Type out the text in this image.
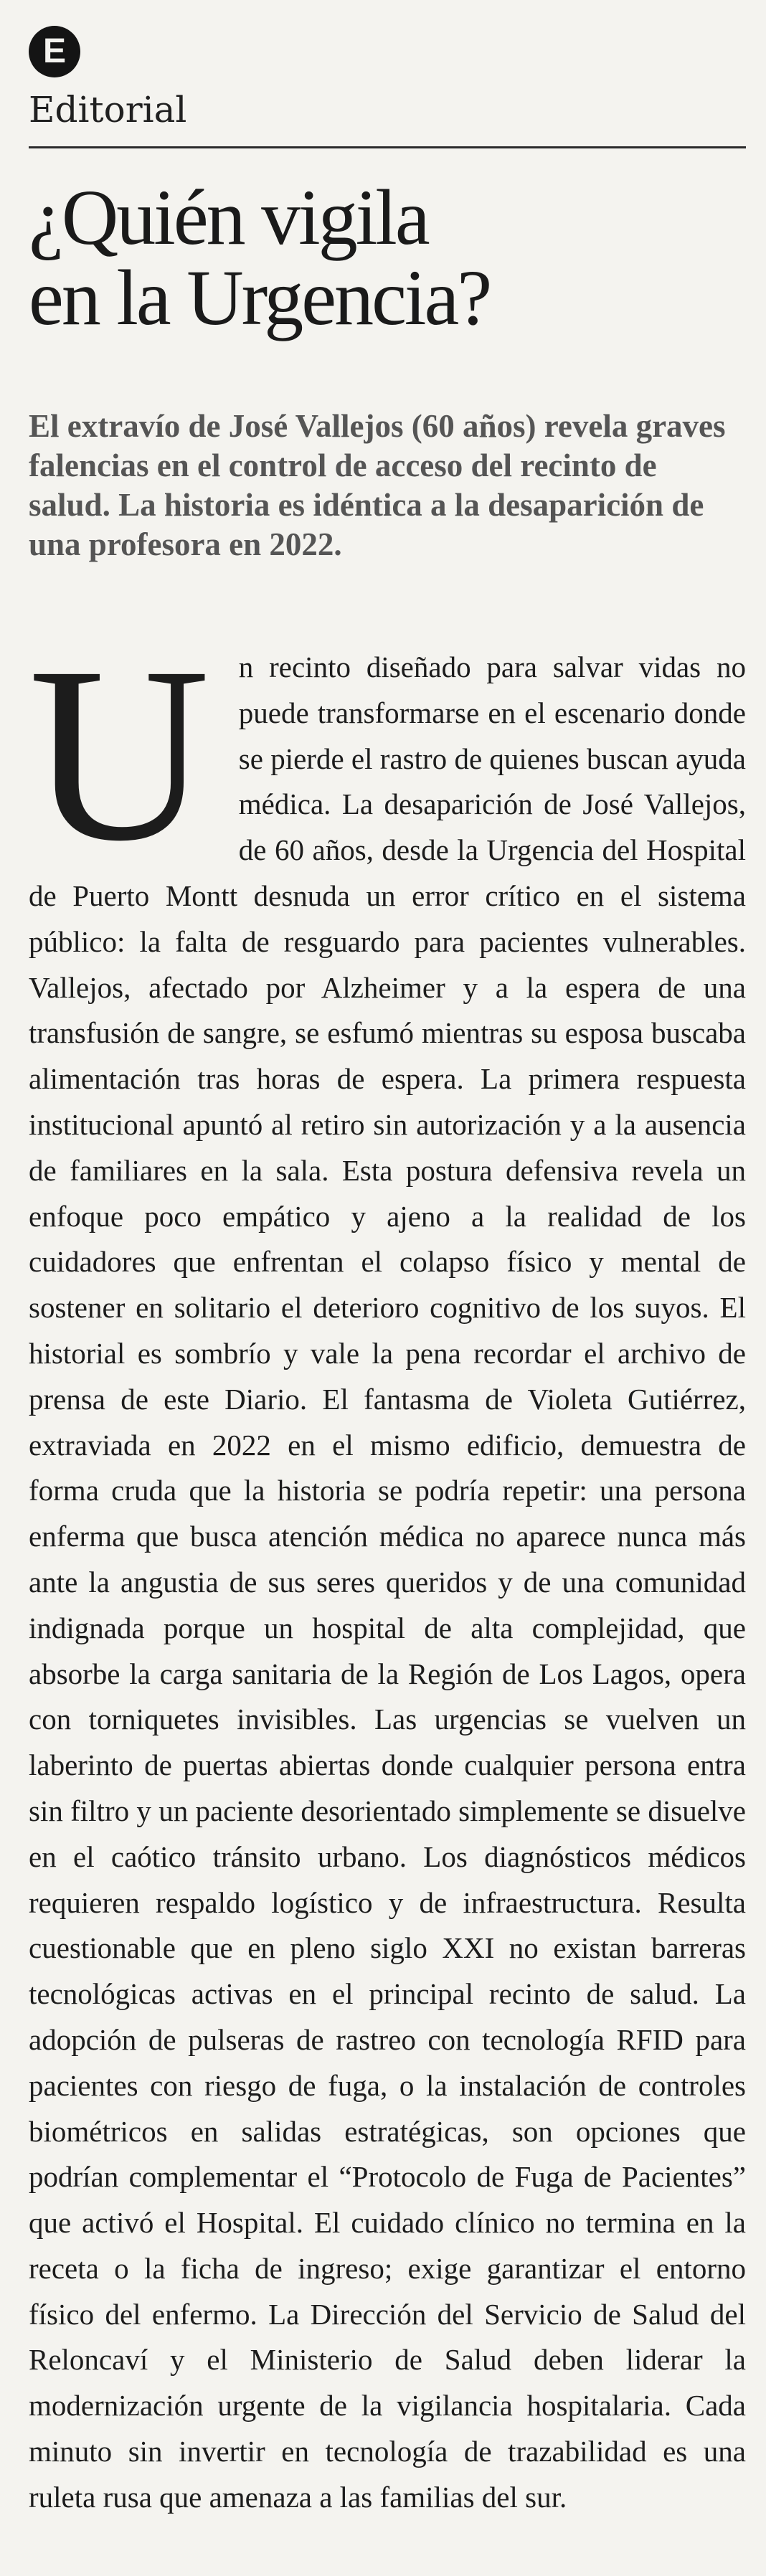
E
Editorial
¿Quién vigila
en la Urgencia?
El extravío de José Vallejos (60 años) revela graves falencias en el control de acceso del recinto de salud. La historia es idéntica a la desaparición de una profesora en 2022.
U n recinto diseñado para salvar vidas no puede transformarse en el escenario donde se pierde el rastro de quienes buscan ayuda médica. La desaparición de José Vallejos, de 60 años, desde la Urgencia del Hospital de Puerto Montt desnuda un error crítico en el sistema público: la falta de resguardo para pacientes vulnerables. Vallejos, afectado por Alzheimer y a la espera de una transfusión de sangre, se esfumó mientras su esposa buscaba alimentación tras horas de espera. La primera respuesta institucional apuntó al retiro sin autorización y a la ausencia de familiares en la sala. Esta postura defensiva revela un enfoque poco empático y ajeno a la realidad de los cuidadores que enfrentan el colapso físico y mental de sostener en solitario el deterioro cognitivo de los suyos. El historial es sombrío y vale la pena recordar el archivo de prensa de este Diario. El fantasma de Violeta Gutiérrez, extraviada en 2022 en el mismo edificio, demuestra de forma cruda que la historia se podría repetir: una persona enferma que busca atención médica no aparece nunca más ante la angustia de sus seres queridos y de una comunidad indignada porque un hospital de alta complejidad, que absorbe la carga sanitaria de la Región de Los Lagos, opera con torniquetes invisibles. Las urgencias se vuelven un laberinto de puertas abiertas donde cualquier persona entra sin filtro y un paciente desorientado simplemente se disuelve en el caótico tránsito urbano. Los diagnósticos médicos requieren respaldo logístico y de infraestructura. Resulta cuestionable que en pleno siglo XXI no existan barreras tecnológicas activas en el principal recinto de salud. La adopción de pulseras de rastreo con tecnología RFID para pacientes con riesgo de fuga, o la instalación de controles biométricos en salidas estratégicas, son opciones que podrían complementar el “Protocolo de Fuga de Pacientes” que activó el Hospital. El cuidado clínico no termina en la receta o la ficha de ingreso; exige garantizar el entorno físico del enfermo. La Dirección del Servicio de Salud del Reloncaví y el Ministerio de Salud deben liderar la modernización urgente de la vigilancia hospitalaria. Cada minuto sin invertir en tecnología de trazabilidad es una ruleta rusa que amenaza a las familias del sur.
